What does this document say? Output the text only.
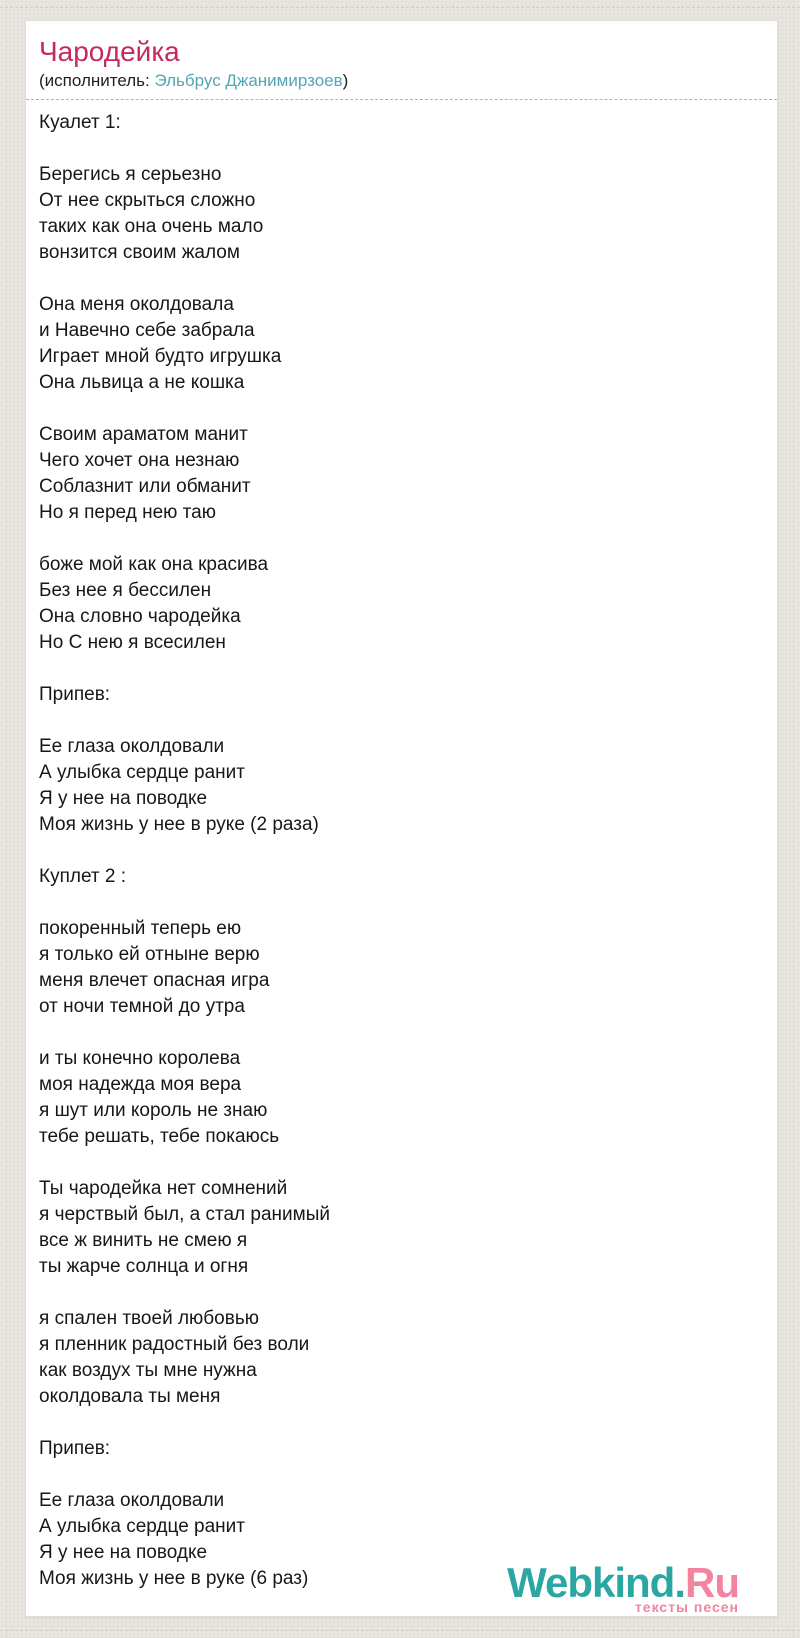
Чародейка
(исполнитель: Эльбрус Джанимирзоев)
Куалет 1:
Берегись я серьезно
От нее скрыться сложно
таких как она очень мало
вонзится своим жалом
Она меня околдовала
и Навечно себе забрала
Играет мной будто игрушка
Она львица а не кошка
Своим араматом манит
Чего хочет она незнаю
Соблазнит или обманит
Но я перед нею таю
боже мой как она красива
Без нее я бессилен
Она словно чародейка
Но С нею я всесилен
Припев:
Ее глаза околдовали
А улыбка сердце ранит
Я у нее на поводке
Моя жизнь у нее в руке (2 раза)
Куплет 2 :
покоренный теперь ею
я только ей отныне верю
меня влечет опасная игра
от ночи темной до утра
и ты конечно королева
моя надежда моя вера
я шут или король не знаю
тебе решать, тебе покаюсь
Ты чародейка нет сомнений
я черствый был, а стал ранимый
все ж винить не смею я
ты жарче солнца и огня
я спален твоей любовью
я пленник радостный без воли
как воздух ты мне нужна
околдовала ты меня
Припев:
Ее глаза околдовали
А улыбка сердце ранит
Я у нее на поводке
Моя жизнь у нее в руке (6 раз)	Webkind.Ru
тексты песен
